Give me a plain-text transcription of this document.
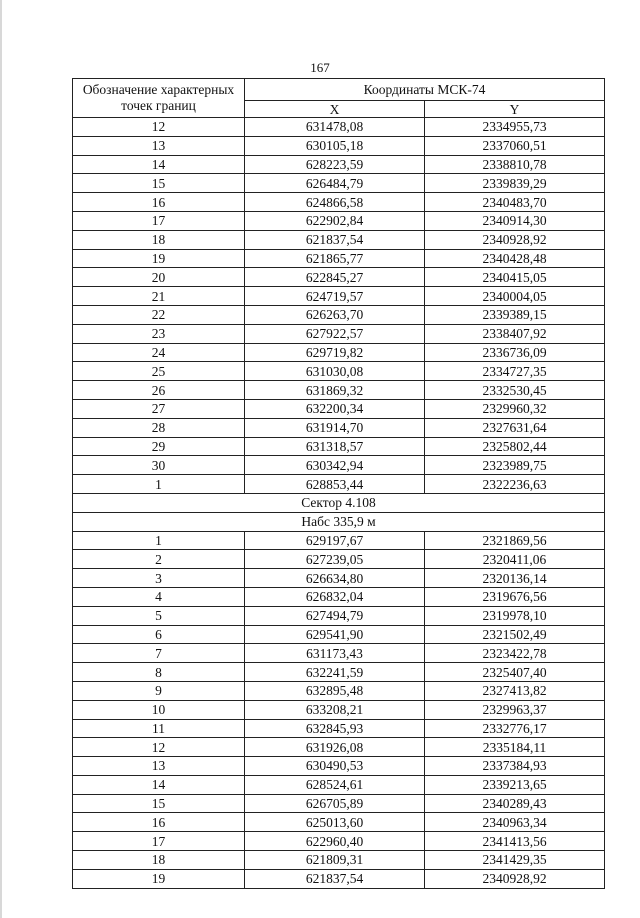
167
Обозначение характерных точек границ	Координаты МСК-74	
	X	Y
12	631478,08	2334955,73
13	630105,18	2337060,51
14	628223,59	2338810,78
15	626484,79	2339839,29
16	624866,58	2340483,70
17	622902,84	2340914,30
18	621837,54	2340928,92
19	621865,77	2340428,48
20	622845,27	2340415,05
21	624719,57	2340004,05
22	626263,70	2339389,15
23	627922,57	2338407,92
24	629719,82	2336736,09
25	631030,08	2334727,35
26	631869,32	2332530,45
27	632200,34	2329960,32
28	631914,70	2327631,64
29	631318,57	2325802,44
30	630342,94	2323989,75
1	628853,44	2322236,63
Сектор 4.108		
Набс 335,9 м		
1	629197,67	2321869,56
2	627239,05	2320411,06
3	626634,80	2320136,14
4	626832,04	2319676,56
5	627494,79	2319978,10
6	629541,90	2321502,49
7	631173,43	2323422,78
8	632241,59	2325407,40
9	632895,48	2327413,82
10	633208,21	2329963,37
11	632845,93	2332776,17
12	631926,08	2335184,11
13	630490,53	2337384,93
14	628524,61	2339213,65
15	626705,89	2340289,43
16	625013,60	2340963,34
17	622960,40	2341413,56
18	621809,31	2341429,35
19	621837,54	2340928,92
